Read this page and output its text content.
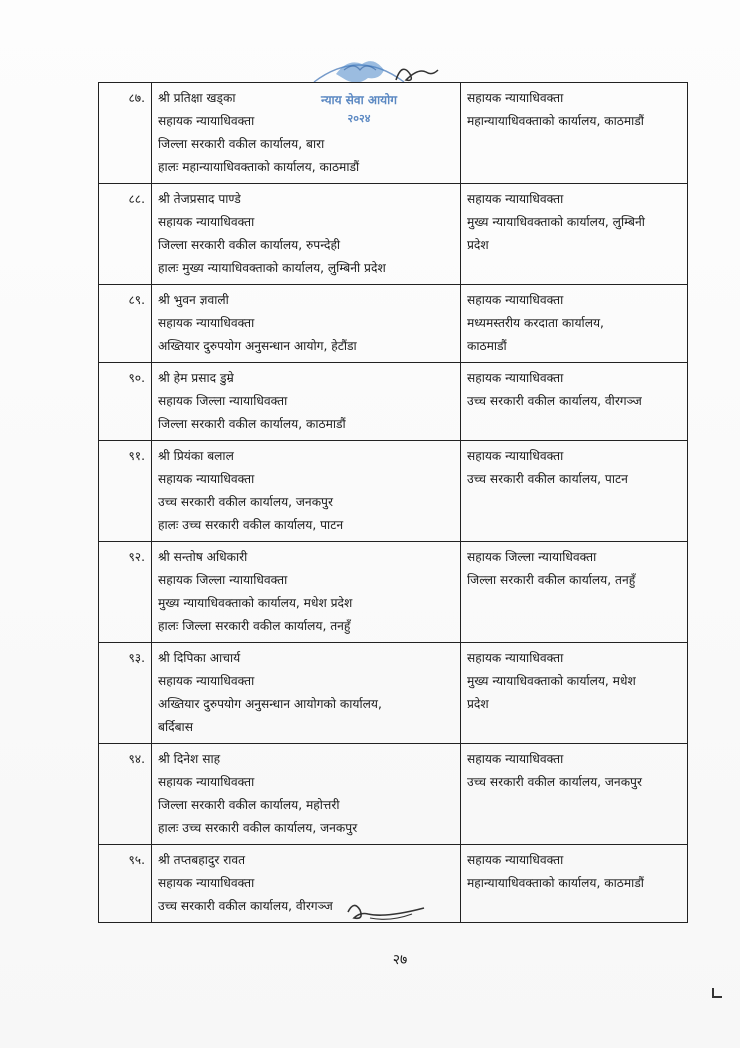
न्याय सेवा आयोग
२०२४
८७.	श्री प्रतिक्षा खड्का
सहायक न्यायाधिवक्ता
जिल्ला सरकारी वकील कार्यालय, बारा
हालः महान्यायाधिवक्ताको कार्यालय, काठमाडौं	सहायक न्यायाधिवक्ता
महान्यायाधिवक्ताको कार्यालय, काठमाडौं

८८.	श्री तेजप्रसाद पाण्डे
सहायक न्यायाधिवक्ता
जिल्ला सरकारी वकील कार्यालय, रुपन्देही
हालः मुख्य न्यायाधिवक्ताको कार्यालय, लुम्बिनी प्रदेश	सहायक न्यायाधिवक्ता
मुख्य न्यायाधिवक्ताको कार्यालय, लुम्बिनी
प्रदेश

८९.	श्री भुवन ज्ञवाली
सहायक न्यायाधिवक्ता
अख्तियार दुरुपयोग अनुसन्धान आयोग, हेटौंडा	सहायक न्यायाधिवक्ता
मध्यमस्तरीय करदाता कार्यालय,
काठमाडौं

९०.	श्री हेम प्रसाद डुम्रे
सहायक जिल्ला न्यायाधिवक्ता
जिल्ला सरकारी वकील कार्यालय, काठमाडौं	सहायक न्यायाधिवक्ता
उच्च सरकारी वकील कार्यालय, वीरगञ्ज

९१.	श्री प्रियंका बलाल
सहायक न्यायाधिवक्ता
उच्च सरकारी वकील कार्यालय, जनकपुर
हालः उच्च सरकारी वकील कार्यालय, पाटन	सहायक न्यायाधिवक्ता
उच्च सरकारी वकील कार्यालय, पाटन

९२.	श्री सन्तोष अधिकारी
सहायक जिल्ला न्यायाधिवक्ता
मुख्य न्यायाधिवक्ताको कार्यालय, मधेश प्रदेश
हालः जिल्ला सरकारी वकील कार्यालय, तनहुँ	सहायक जिल्ला न्यायाधिवक्ता
जिल्ला सरकारी वकील कार्यालय, तनहुँ

९३.	श्री दिपिका आचार्य
सहायक न्यायाधिवक्ता
अख्तियार दुरुपयोग अनुसन्धान आयोगको कार्यालय,
बर्दिबास	सहायक न्यायाधिवक्ता
मुख्य न्यायाधिवक्ताको कार्यालय, मधेश
प्रदेश

९४.	श्री दिनेश साह
सहायक न्यायाधिवक्ता
जिल्ला सरकारी वकील कार्यालय, महोत्तरी
हालः उच्च सरकारी वकील कार्यालय, जनकपुर	सहायक न्यायाधिवक्ता
उच्च सरकारी वकील कार्यालय, जनकपुर

९५.	श्री तप्तबहादुर रावत
सहायक न्यायाधिवक्ता
उच्च सरकारी वकील कार्यालय, वीरगञ्ज	सहायक न्यायाधिवक्ता
महान्यायाधिवक्ताको कार्यालय, काठमाडौं
२७
